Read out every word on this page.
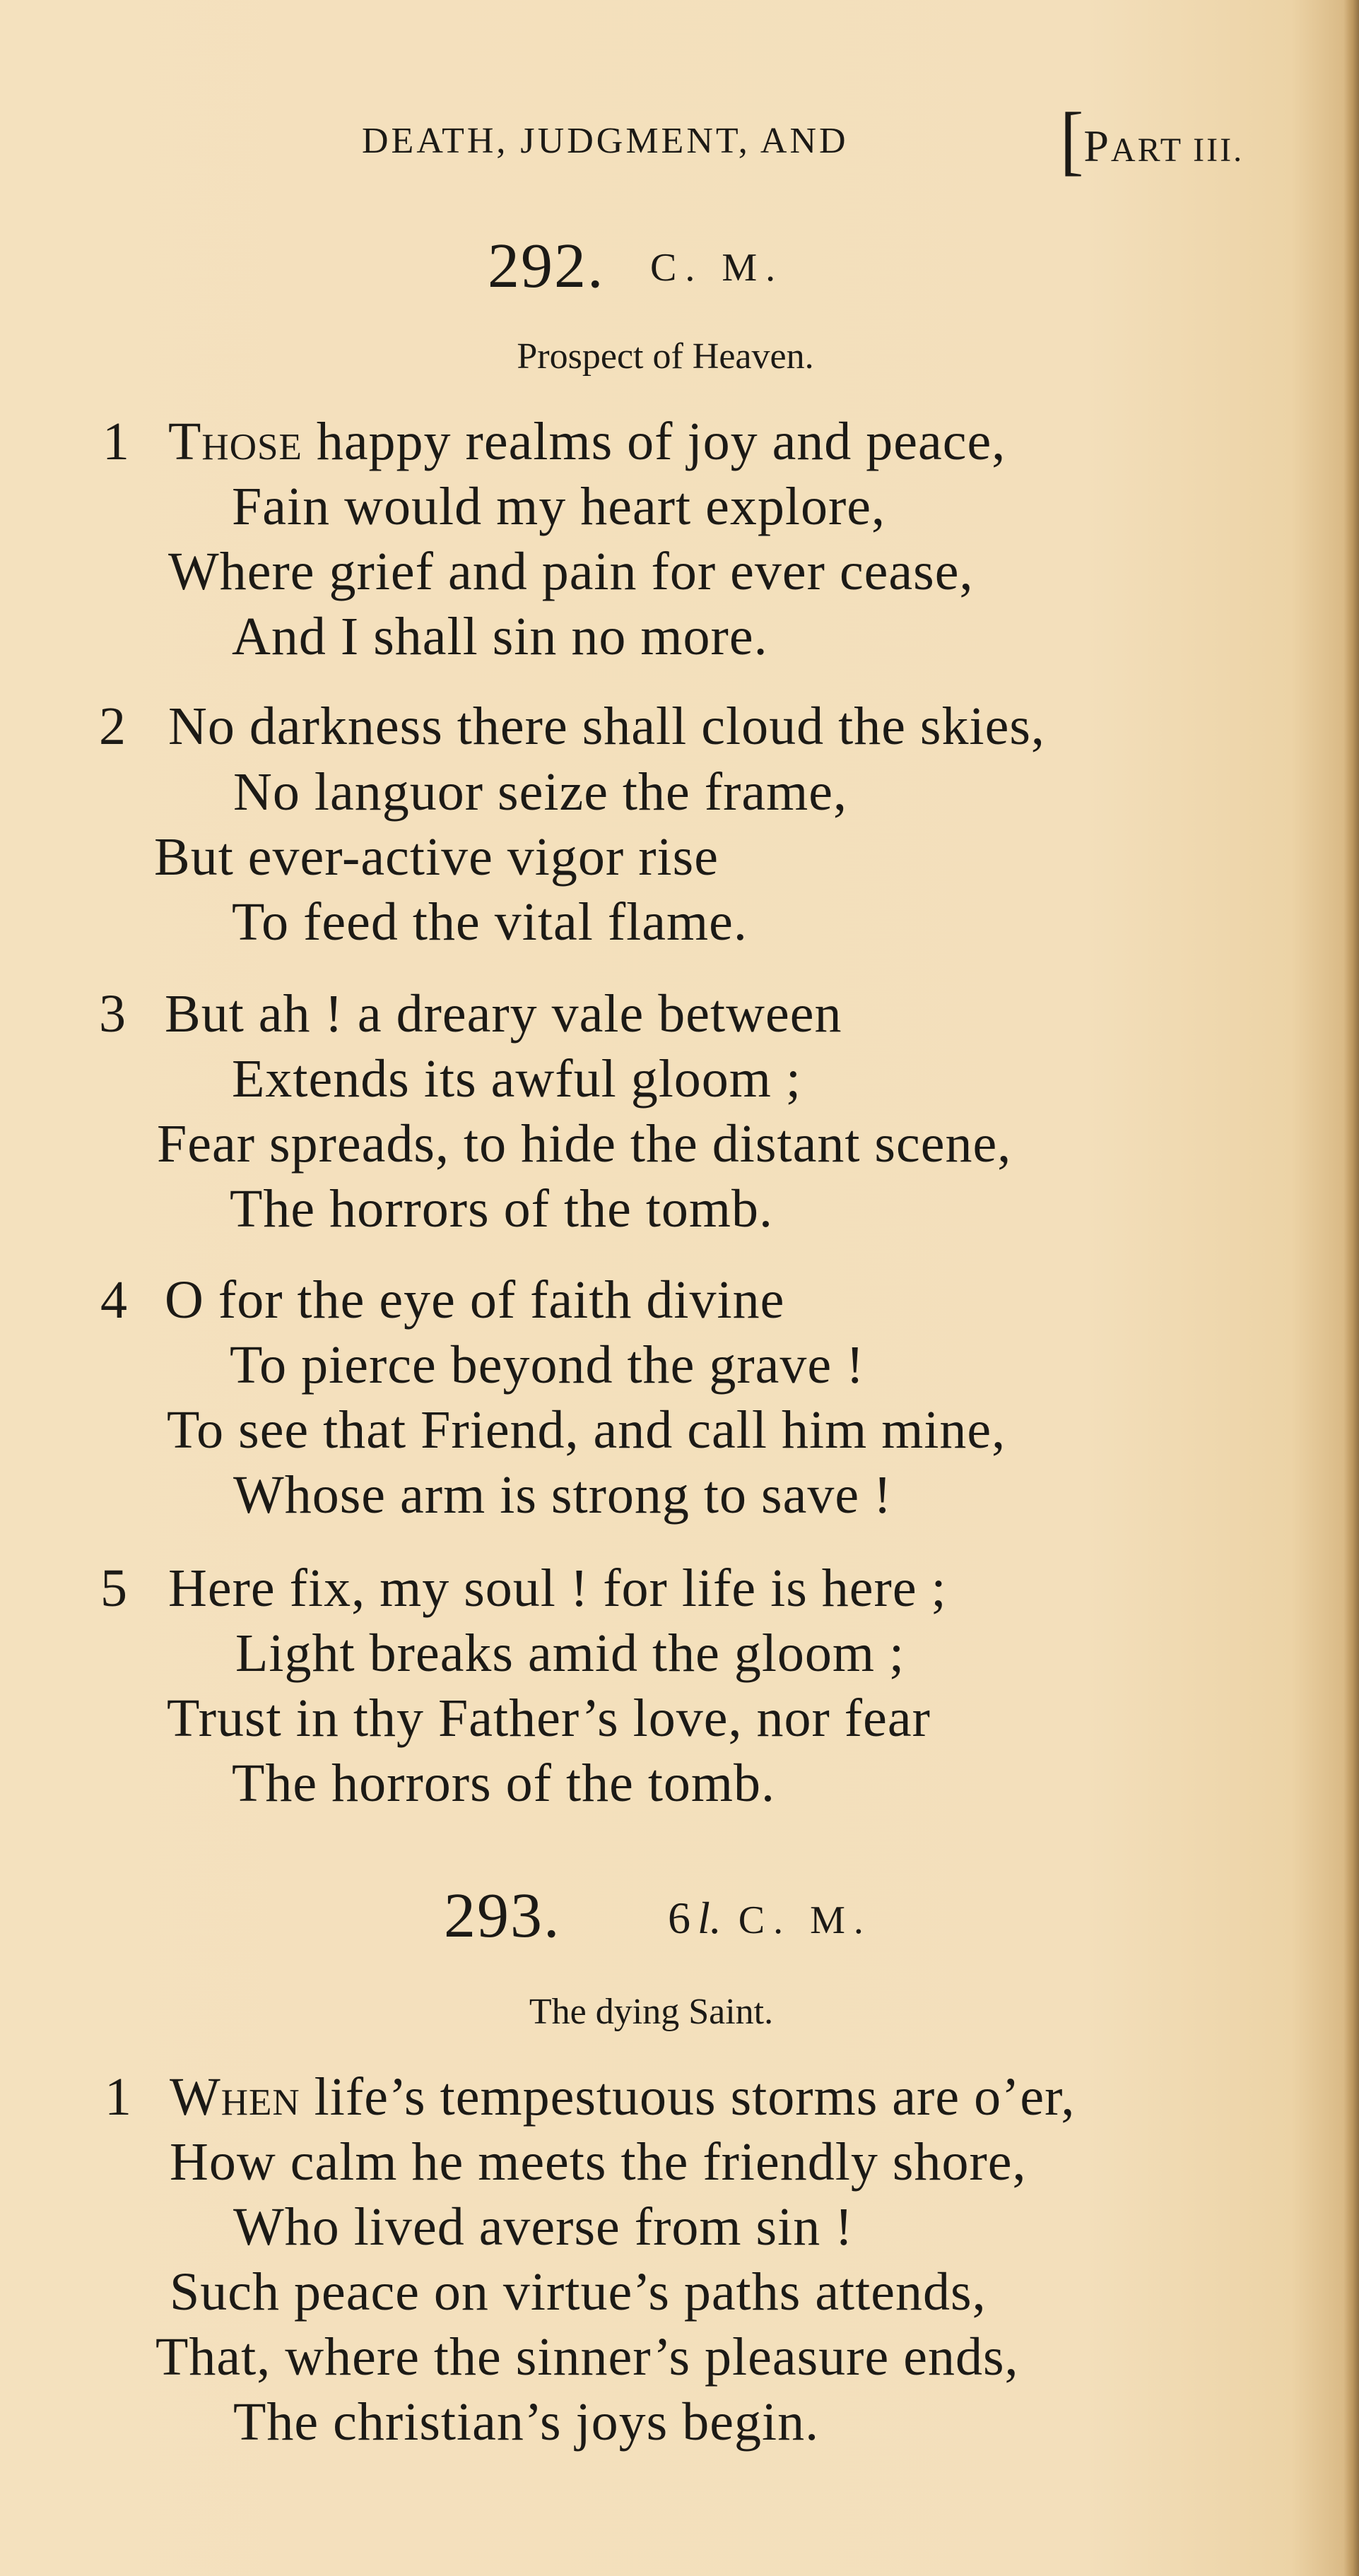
DEATH, JUDGMENT, AND	[PART III.
292. C. M.
Prospect of Heaven.
1 Those happy realms of joy and peace,
Fain would my heart explore,
Where grief and pain for ever cease,
And I shall sin no more.
2 No darkness there shall cloud the skies,
No languor seize the frame,
But ever-active vigor rise
To feed the vital flame.
3 But ah ! a dreary vale between
Extends its awful gloom ;
Fear spreads, to hide the distant scene,
The horrors of the tomb.
4 O for the eye of faith divine
To pierce beyond the grave !
To see that Friend, and call him mine,
Whose arm is strong to save !
5 Here fix, my soul ! for life is here ;
Light breaks amid the gloom ;
Trust in thy Father’s love, nor fear
The horrors of the tomb.
293. 6 l. C. M.
The dying Saint.
1 When life’s tempestuous storms are o’er,
How calm he meets the friendly shore,
Who lived averse from sin !
Such peace on virtue’s paths attends,
That, where the sinner’s pleasure ends,
The christian’s joys begin.
